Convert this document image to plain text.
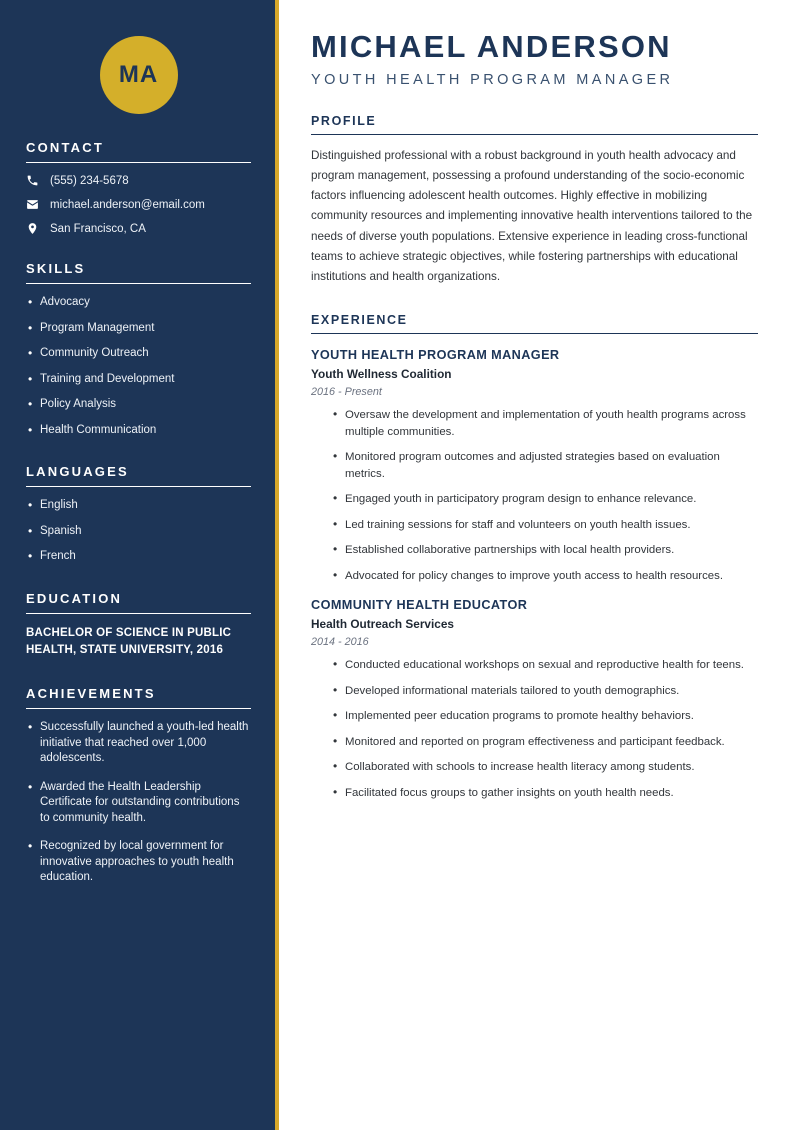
MA
CONTACT
(555) 234-5678
michael.anderson@email.com
San Francisco, CA
SKILLS
• Advocacy
• Program Management
• Community Outreach
• Training and Development
• Policy Analysis
• Health Communication
LANGUAGES
• English
• Spanish
• French
EDUCATION
BACHELOR OF SCIENCE IN PUBLIC HEALTH, STATE UNIVERSITY, 2016
ACHIEVEMENTS
• Successfully launched a youth-led health initiative that reached over 1,000 adolescents.
• Awarded the Health Leadership Certificate for outstanding contributions to community health.
• Recognized by local government for innovative approaches to youth health education.
MICHAEL ANDERSON
YOUTH HEALTH PROGRAM MANAGER
PROFILE

Distinguished professional with a robust background in youth health advocacy and program management, possessing a profound understanding of the socio-economic factors influencing adolescent health outcomes. Highly effective in mobilizing community resources and implementing innovative health interventions tailored to the needs of diverse youth populations. Extensive experience in leading cross-functional teams to achieve strategic objectives, while fostering partnerships with educational institutions and health organizations.

EXPERIENCE
YOUTH HEALTH PROGRAM MANAGER
Youth Wellness Coalition
2016 - Present
• Oversaw the development and implementation of youth health programs across multiple communities.
• Monitored program outcomes and adjusted strategies based on evaluation metrics.
• Engaged youth in participatory program design to enhance relevance.
• Led training sessions for staff and volunteers on youth health issues.
• Established collaborative partnerships with local health providers.
• Advocated for policy changes to improve youth access to health resources.
COMMUNITY HEALTH EDUCATOR
Health Outreach Services
2014 - 2016
• Conducted educational workshops on sexual and reproductive health for teens.
• Developed informational materials tailored to youth demographics.
• Implemented peer education programs to promote healthy behaviors.
• Monitored and reported on program effectiveness and participant feedback.
• Collaborated with schools to increase health literacy among students.
• Facilitated focus groups to gather insights on youth health needs.
